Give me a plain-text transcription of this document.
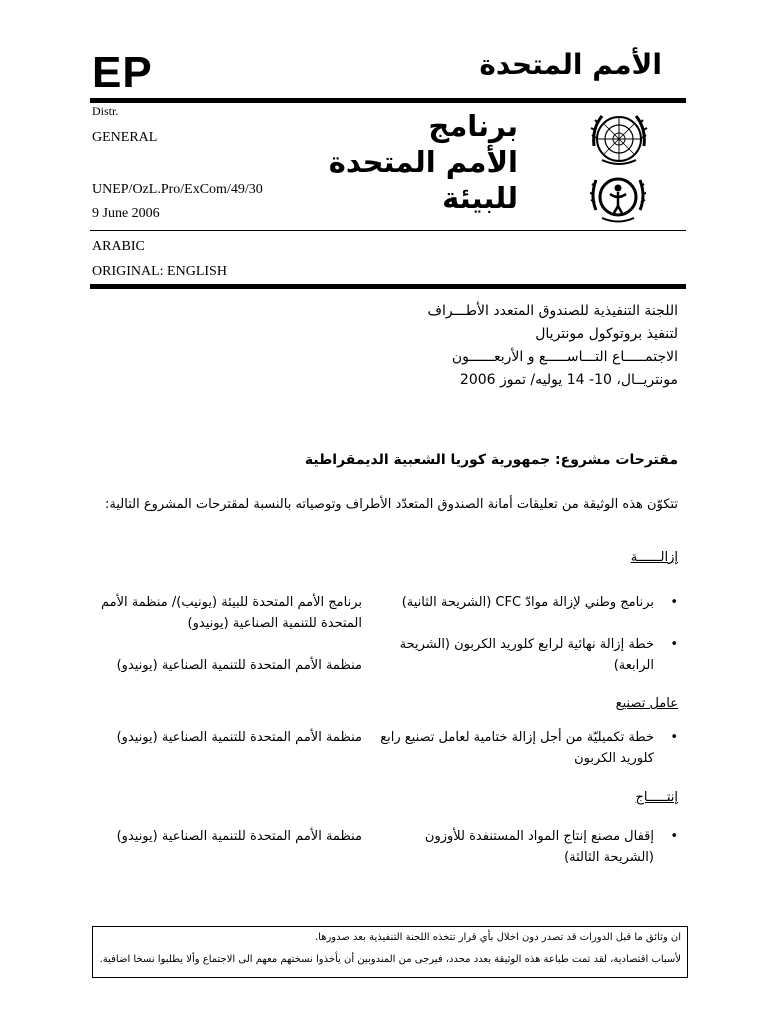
EP	الأمم المتحدة
Distr.
GENERAL
UNEP/OzL.Pro/ExCom/49/30
9 June 2006
ARABIC
ORIGINAL: ENGLISH
برنامج
الأمم المتحدة
للبيئة
اللجنة التنفيذية للصندوق المتعدد الأطـــراف
لتنفيذ بروتوكول مونتريال
الاجتمـــــاع التـــاســـــع و الأربعــــــون
مونتريــال، 10- 14 يوليه/ تموز 2006
مقترحات مشروع: جمهورية كوريا الشعبية الديمقراطية
تتكوّن هذه الوثيقة من تعليقات أمانة الصندوق المتعدّد الأطراف وتوصياته بالنسبة لمقترحات المشروع التالية:
إزالــــــة
•
برنامج وطني لإزالة موادّ CFC (الشريحة الثانية)
برنامج الأمم المتحدة للبيئة (يونيب)/ منظمة الأمم المتحدة للتنمية الصناعية (يونيدو)
•
خطة إزالة نهائية لرابع كلوريد الكربون (الشريحة الرابعة)
منظمة الأمم المتحدة للتنمية الصناعية (يونيدو)
عامل تصنيع
•
خطة تكميليّة من أجل إزالة ختامية لعامل تصنيع رابع كلوريد الكربون
منظمة الأمم المتحدة للتنمية الصناعية (يونيدو)
إنتـــــاج
•
إقفال مصنع إنتاج المواد المستنفدة للأوزون (الشريحة الثالثة)
منظمة الأمم المتحدة للتنمية الصناعية (يونيدو)
ان وثائق ما قبل الدورات قد تصدر دون اخلال بأي قرار تتخذه اللجنة التنفيذية بعد صدورها.
لأسباب اقتصادية، لقد تمت طباعة هذه الوثيقة بعدد محدد، فيرجى من المندوبين أن يأخذوا نسختهم معهم الى الاجتماع وألا يطلبوا نسخا اضافية.
